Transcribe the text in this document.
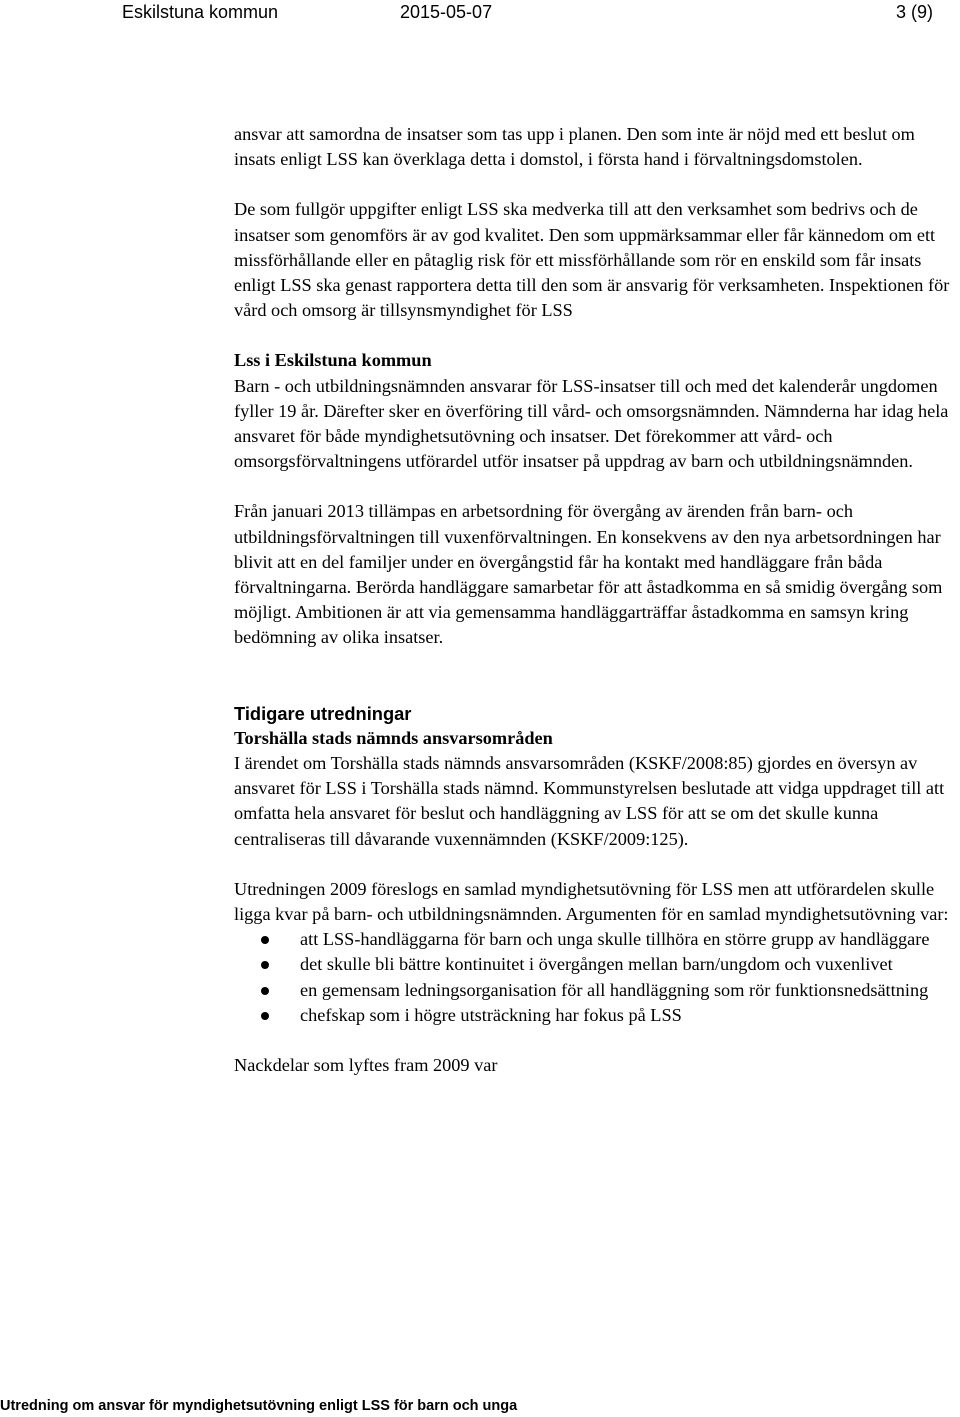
Eskilstuna kommun	2015-05-07	3 (9)

ansvar att samordna de insatser som tas upp i planen. Den som inte är nöjd med ett beslut om insats enligt LSS kan överklaga detta i domstol, i första hand i förvaltningsdomstolen.

De som fullgör uppgifter enligt LSS ska medverka till att den verksamhet som bedrivs och de insatser som genomförs är av god kvalitet. Den som uppmärksammar eller får kännedom om ett missförhållande eller en påtaglig risk för ett missförhållande som rör en enskild som får insats enligt LSS ska genast rapportera detta till den som är ansvarig för verksamheten. Inspektionen för vård och omsorg är tillsynsmyndighet för LSS

Lss i Eskilstuna kommun

Barn - och utbildningsnämnden ansvarar för LSS-insatser till och med det kalenderår ungdomen fyller 19 år. Därefter sker en överföring till vård- och omsorgsnämnden. Nämnderna har idag hela ansvaret för både myndighetsutövning och insatser. Det förekommer att vård- och omsorgsförvaltningens utförardel utför insatser på uppdrag av barn och utbildningsnämnden.

Från januari 2013 tillämpas en arbetsordning för övergång av ärenden från barn- och utbildningsförvaltningen till vuxenförvaltningen. En konsekvens av den nya arbetsordningen har blivit att en del familjer under en övergångstid får ha kontakt med handläggare från båda förvaltningarna. Berörda handläggare samarbetar för att åstadkomma en så smidig övergång som möjligt. Ambitionen är att via gemensamma handläggarträffar åstadkomma en samsyn kring bedömning av olika insatser.

Tidigare utredningar

Torshälla stads nämnds ansvarsområden

I ärendet om Torshälla stads nämnds ansvarsområden (KSKF/2008:85) gjordes en översyn av ansvaret för LSS i Torshälla stads nämnd. Kommunstyrelsen beslutade att vidga uppdraget till att omfatta hela ansvaret för beslut och handläggning av LSS för att se om det skulle kunna centraliseras till dåvarande vuxennämnden (KSKF/2009:125).

Utredningen 2009 föreslogs en samlad myndighetsutövning för LSS men att utförardelen skulle ligga kvar på barn- och utbildningsnämnden. Argumenten för en samlad myndighetsutövning var:

att LSS-handläggarna för barn och unga skulle tillhöra en större grupp av handläggare
det skulle bli bättre kontinuitet i övergången mellan barn/ungdom och vuxenlivet
en gemensam ledningsorganisation för all handläggning som rör funktionsnedsättning
chefskap som i högre utsträckning har fokus på LSS

Nackdelar som lyftes fram 2009 var

Utredning om ansvar för myndighetsutövning enligt LSS för barn och unga
